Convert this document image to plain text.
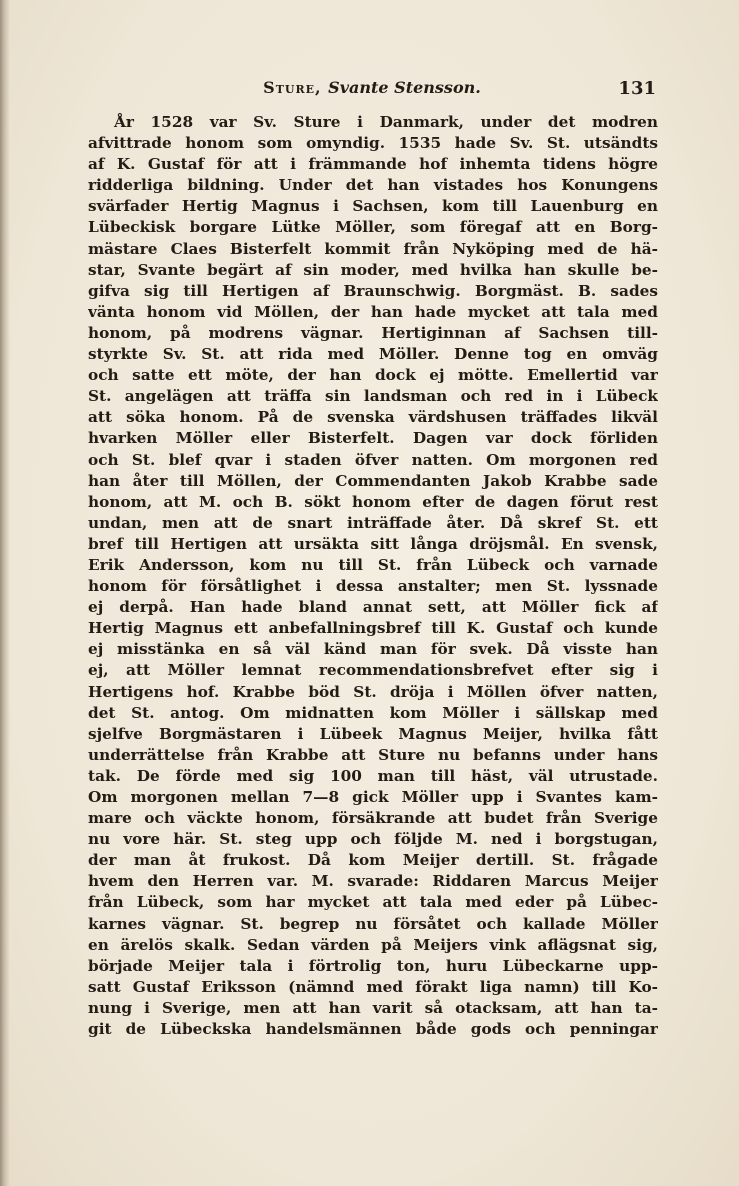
Sture, Svante Stensson.	131
År 1528 var Sv. Sture i Danmark, under det modren
afvittrade honom som omyndig. 1535 hade Sv. St. utsändts
af K. Gustaf för att i främmande hof inhemta tidens högre
ridderliga bildning. Under det han vistades hos Konungens
svärfader Hertig Magnus i Sachsen, kom till Lauenburg en
Lübeckisk borgare Lütke Möller, som föregaf att en Borg-
mästare Claes Bisterfelt kommit från Nyköping med de hä-
star, Svante begärt af sin moder, med hvilka han skulle be-
gifva sig till Hertigen af Braunschwig. Borgmäst. B. sades
vänta honom vid Möllen, der han hade mycket att tala med
honom, på modrens vägnar. Hertiginnan af Sachsen till-
styrkte Sv. St. att rida med Möller. Denne tog en omväg
och satte ett möte, der han dock ej mötte. Emellertid var
St. angelägen att träffa sin landsman och red in i Lübeck
att söka honom. På de svenska värdshusen träffades likväl
hvarken Möller eller Bisterfelt. Dagen var dock förliden
och St. blef qvar i staden öfver natten. Om morgonen red
han åter till Möllen, der Commendanten Jakob Krabbe sade
honom, att M. och B. sökt honom efter de dagen förut rest
undan, men att de snart inträffade åter. Då skref St. ett
bref till Hertigen att ursäkta sitt långa dröjsmål. En svensk,
Erik Andersson, kom nu till St. från Lübeck och varnade
honom för försåtlighet i dessa anstalter; men St. lyssnade
ej derpå. Han hade bland annat sett, att Möller fick af
Hertig Magnus ett anbefallningsbref till K. Gustaf och kunde
ej misstänka en så väl känd man för svek. Då visste han
ej, att Möller lemnat recommendationsbrefvet efter sig i
Hertigens hof. Krabbe böd St. dröja i Möllen öfver natten,
det St. antog. Om midnatten kom Möller i sällskap med
sjelfve Borgmästaren i Lübeek Magnus Meijer, hvilka fått
underrättelse från Krabbe att Sture nu befanns under hans
tak. De förde med sig 100 man till häst, väl utrustade.
Om morgonen mellan 7—8 gick Möller upp i Svantes kam-
mare och väckte honom, försäkrande att budet från Sverige
nu vore här. St. steg upp och följde M. ned i borgstugan,
der man åt frukost. Då kom Meijer dertill. St. frågade
hvem den Herren var. M. svarade: Riddaren Marcus Meijer
från Lübeck, som har mycket att tala med eder på Lübec-
karnes vägnar. St. begrep nu försåtet och kallade Möller
en ärelös skalk. Sedan värden på Meijers vink aflägsnat sig,
började Meijer tala i förtrolig ton, huru Lübeckarne upp-
satt Gustaf Eriksson (nämnd med förakt liga namn) till Ko-
nung i Sverige, men att han varit så otacksam, att han ta-
git de Lübeckska handelsmännen både gods och penningar
